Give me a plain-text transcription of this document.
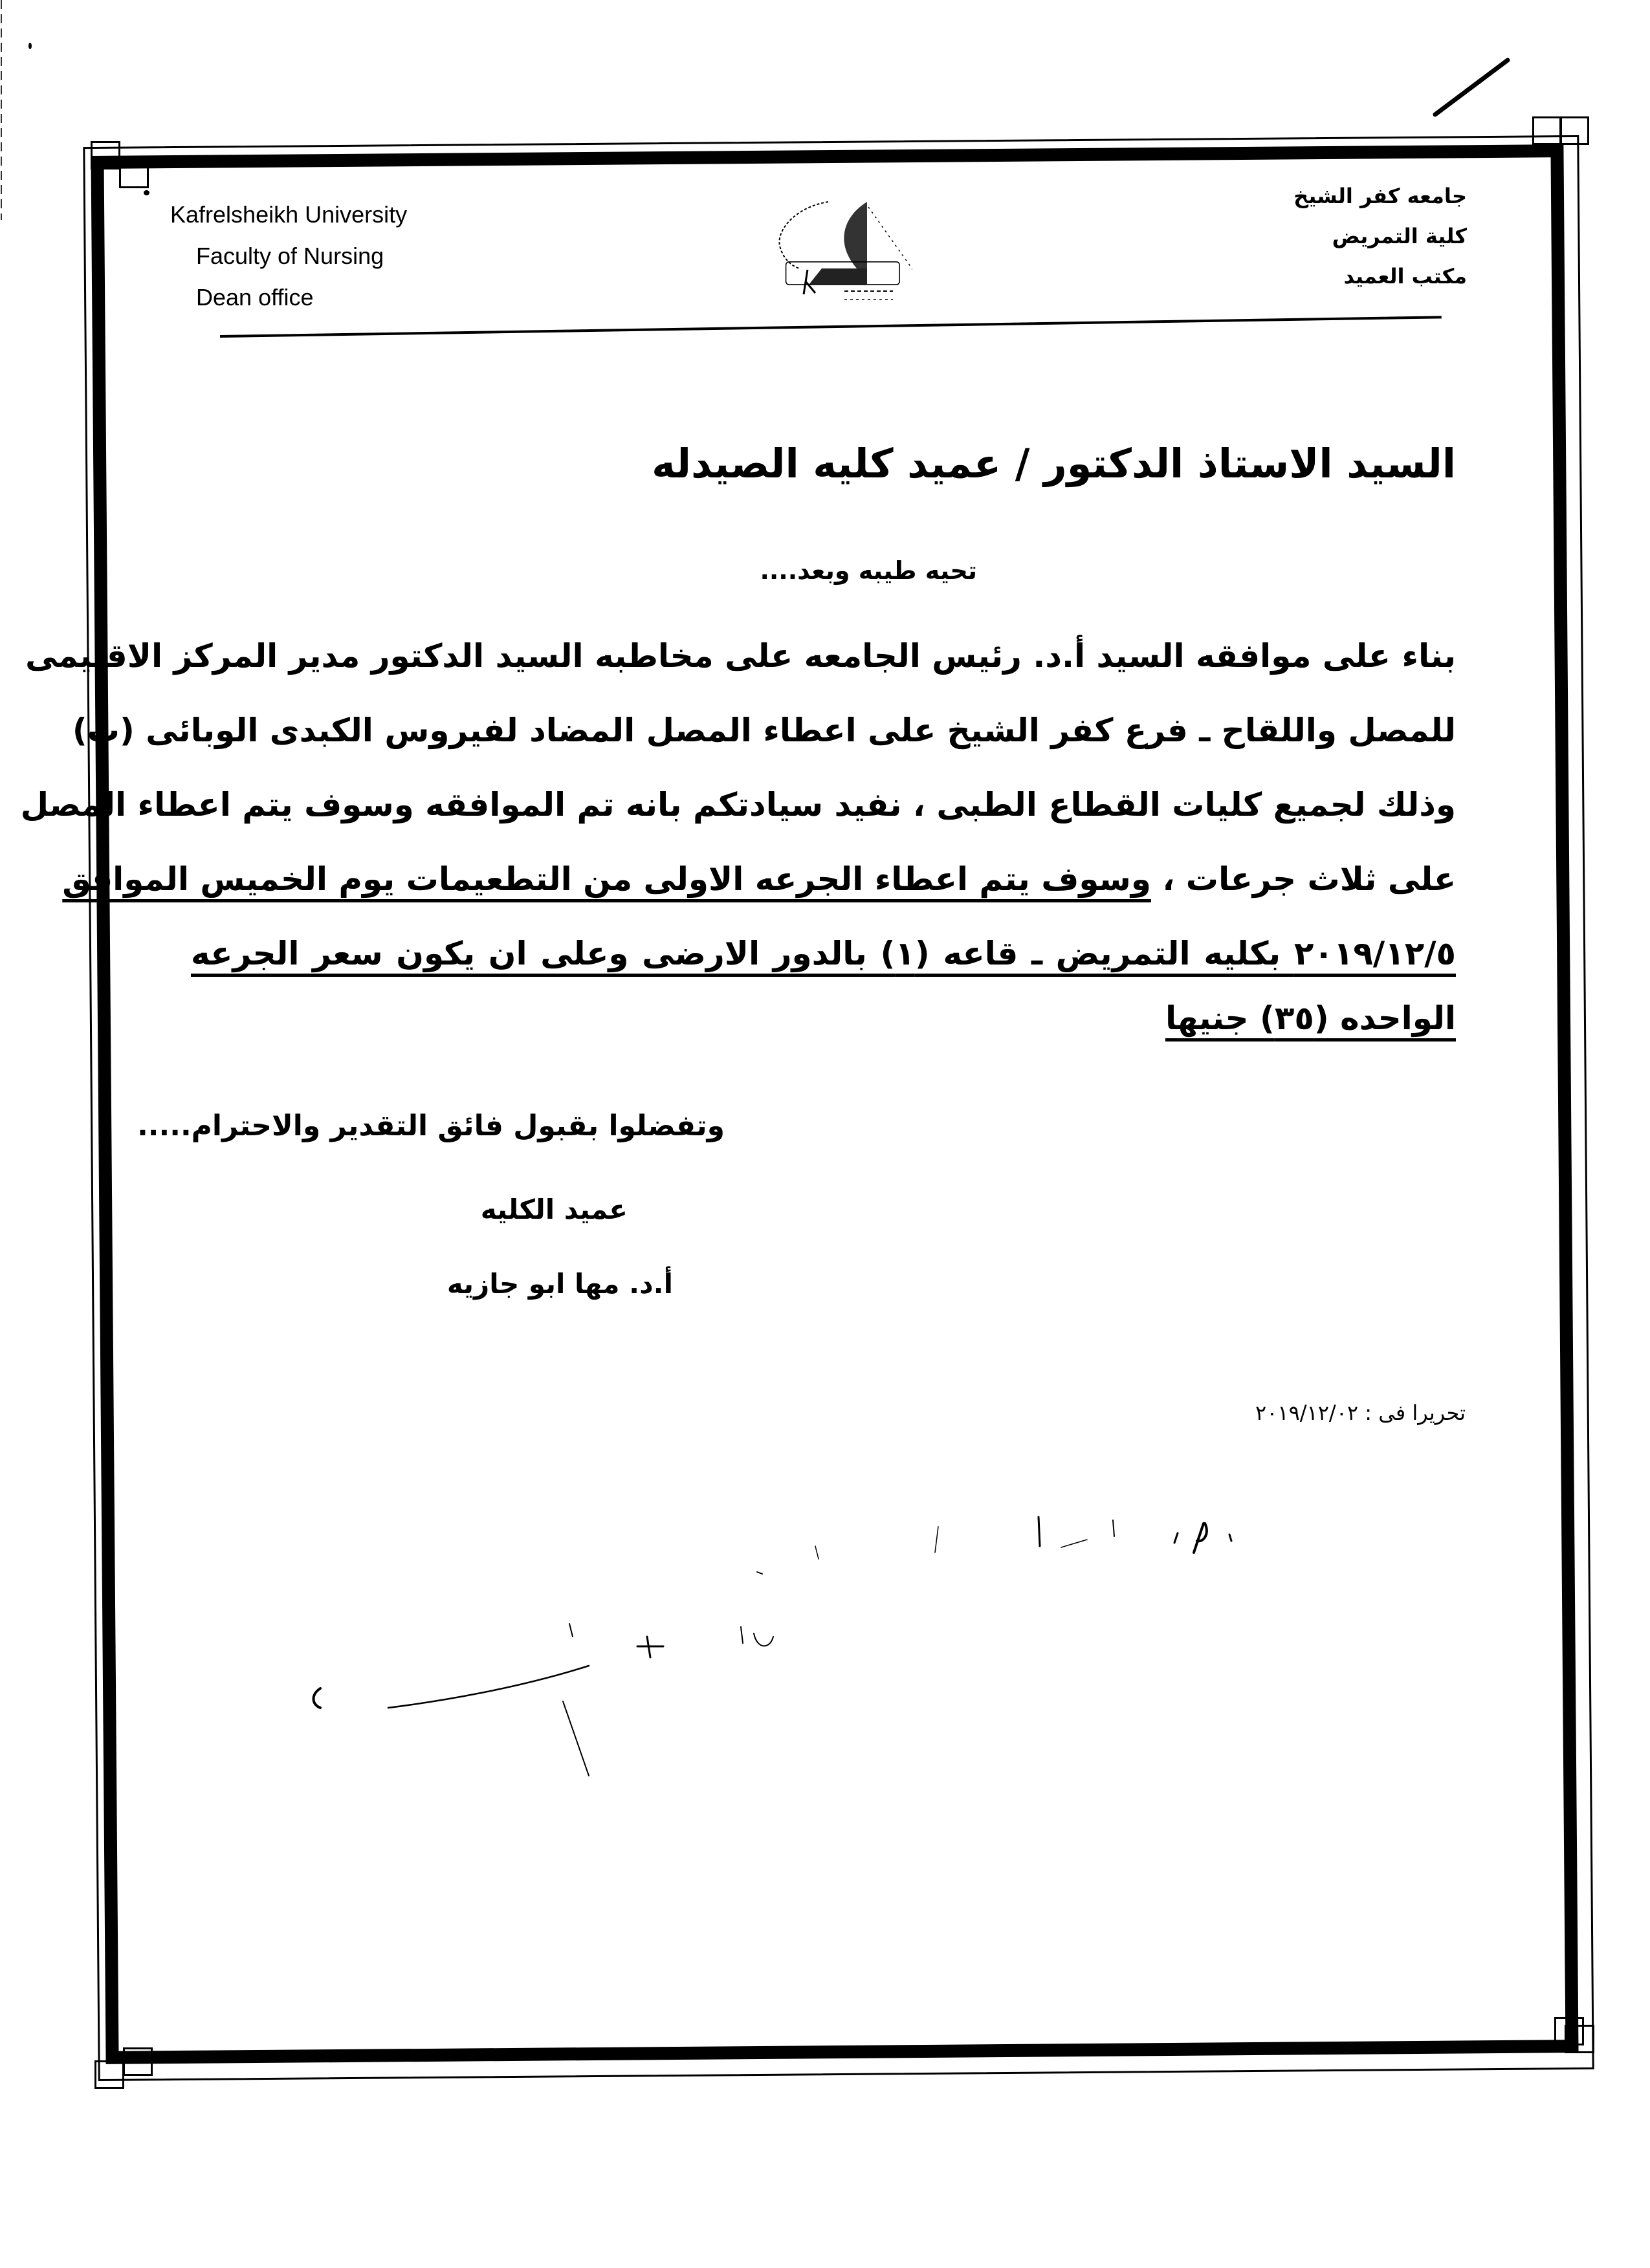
Kafrelsheikh University
Faculty of Nursing
Dean office
جامعه كفر الشيخ
كلية التمريض
مكتب العميد
السيد الاستاذ الدكتور / عميد كليه الصيدله
تحيه طيبه وبعد....
بناء على موافقه السيد أ.د. رئيس الجامعه على مخاطبه السيد الدكتور مدير المركز الاقليمى
للمصل واللقاح ـ فرع كفر الشيخ على اعطاء المصل المضاد لفيروس الكبدى الوبائى (ب)
وذلك لجميع كليات القطاع الطبى ، نفيد سيادتكم بانه تم الموافقه وسوف يتم اعطاء المصل
على ثلاث جرعات ، وسوف يتم اعطاء الجرعه الاولى من التطعيمات يوم الخميس الموافق
٢٠١٩/١٢/٥ بكليه التمريض ـ قاعه (١) بالدور الارضى وعلى ان يكون سعر الجرعه
الواحده (٣٥) جنيها
وتفضلوا بقبول فائق التقدير والاحترام.....
عميد الكليه
أ.د. مها ابو جازيه
تحريرا فى : ٢٠١٩/١٢/٠٢
